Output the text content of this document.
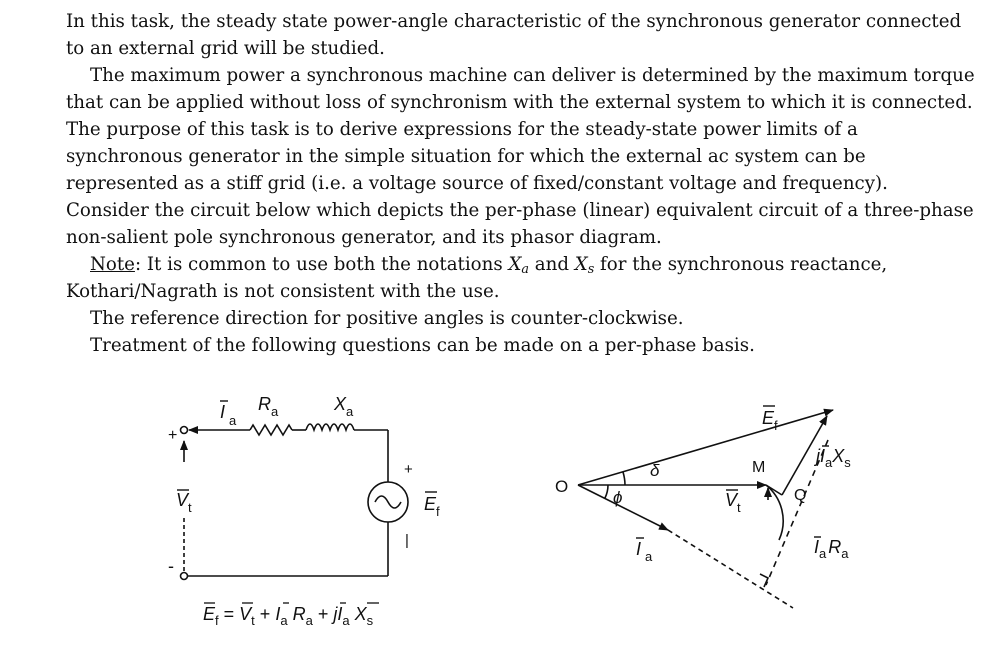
In this task, the steady state power-angle characteristic of the synchronous generator connected to an external grid will be studied.

The maximum power a synchronous machine can deliver is determined by the maximum torque that can be applied without loss of synchronism with the external system to which it is connected. The purpose of this task is to derive expressions for the steady-state power limits of a synchronous generator in the simple situation for which the external ac system can be represented as a stiff grid (i.e. a voltage source of fixed/constant voltage and frequency). Consider the circuit below which depicts the per-phase (linear) equivalent circuit of a three-phase non-salient pole synchronous generator, and its phasor diagram.

Note: It is common to use both the notations $X_a$ and $X_s$ for the synchronous reactance, Kothari/Nagrath is not consistent with the use.

The reference direction for positive angles is counter-clockwise.

Treatment of the following questions can be made on a per-phase basis.

+
-
I a
R a	X a
V t
+
|
E f
$E_f = V_t + I_a$ $R_a + jI_a$ $X_s$
O
δ
ϕ
M
Q
E f
V t
I a
$jI_aX_s$
$I_a$ $R_a$
